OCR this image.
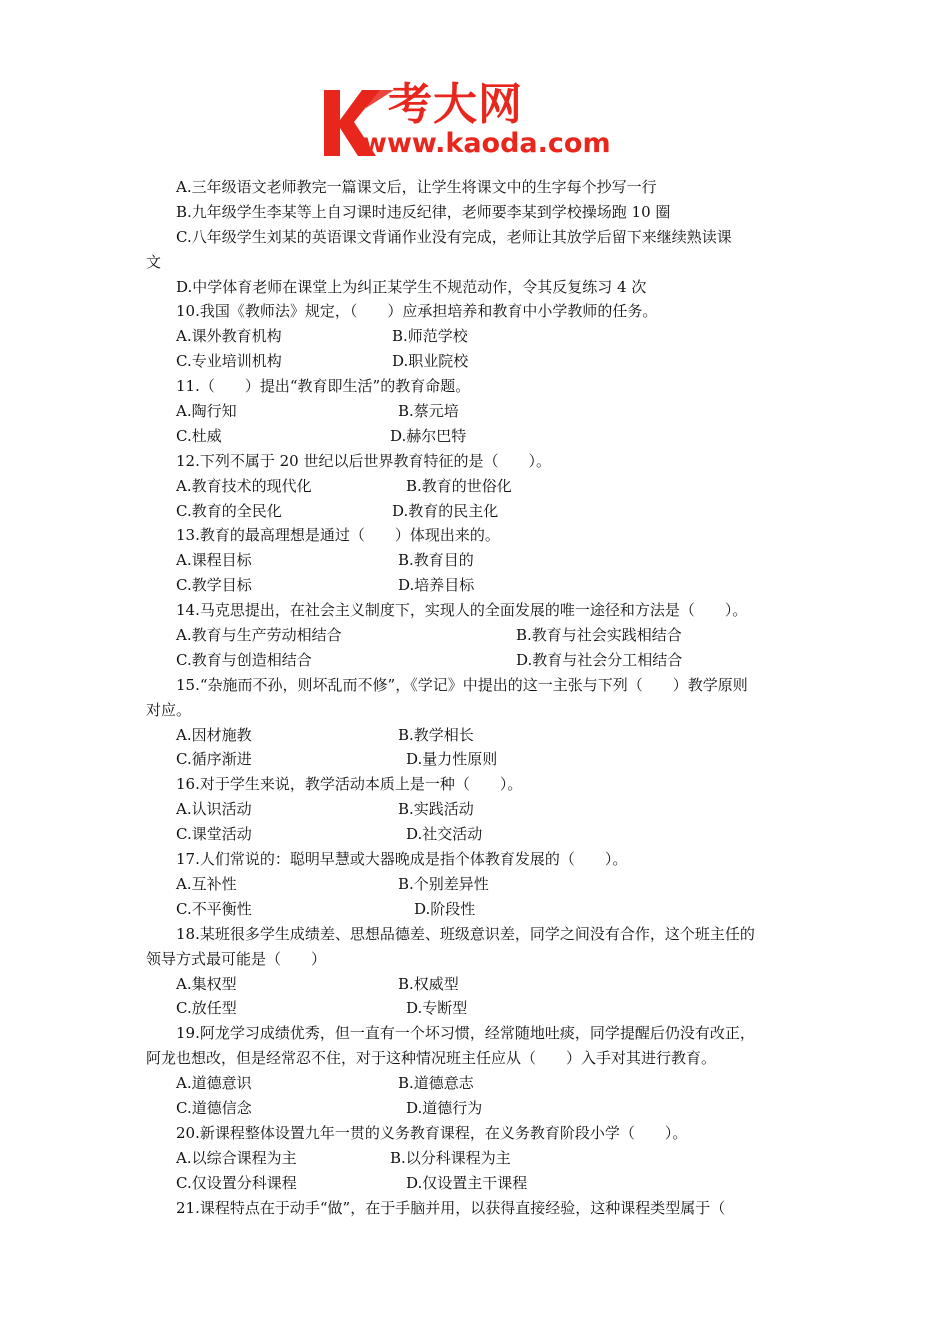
考大网
www.kaoda.com
A.三年级语文老师教完一篇课文后，让学生将课文中的生字每个抄写一行
B.九年级学生李某等上自习课时违反纪律，老师要李某到学校操场跑 10 圈
C.八年级学生刘某的英语课文背诵作业没有完成，老师让其放学后留下来继续熟读课
文
D.中学体育老师在课堂上为纠正某学生不规范动作，令其反复练习 4 次
10.我国《教师法》规定，（　　）应承担培养和教育中小学教师的任务。
A.课外教育机构	B.师范学校
C.专业培训机构	D.职业院校
11.（　　）提出“教育即生活”的教育命题。
A.陶行知	B.蔡元培
C.杜威	D.赫尔巴特
12.下列不属于 20 世纪以后世界教育特征的是（　　）。
A.教育技术的现代化	B.教育的世俗化
C.教育的全民化	D.教育的民主化
13.教育的最高理想是通过（　　）体现出来的。
A.课程目标	B.教育目的
C.教学目标	D.培养目标
14.马克思提出，在社会主义制度下，实现人的全面发展的唯一途径和方法是（　　）。
A.教育与生产劳动相结合	B.教育与社会实践相结合
C.教育与创造相结合	D.教育与社会分工相结合
15.“杂施而不孙，则坏乱而不修”，《学记》中提出的这一主张与下列（　　）教学原则
对应。
A.因材施教	B.教学相长
C.循序渐进	D.量力性原则
16.对于学生来说，教学活动本质上是一种（　　）。
A.认识活动	B.实践活动
C.课堂活动	D.社交活动
17.人们常说的：聪明早慧或大器晚成是指个体教育发展的（　　）。
A.互补性	B.个别差异性
C.不平衡性	D.阶段性
18.某班很多学生成绩差、思想品德差、班级意识差，同学之间没有合作，这个班主任的
领导方式最可能是（　　）
A.集权型	B.权威型
C.放任型	D.专断型
19.阿龙学习成绩优秀，但一直有一个坏习惯，经常随地吐痰，同学提醒后仍没有改正，
阿龙也想改，但是经常忍不住，对于这种情况班主任应从（　　）入手对其进行教育。
A.道德意识	B.道德意志
C.道德信念	D.道德行为
20.新课程整体设置九年一贯的义务教育课程，在义务教育阶段小学（　　）。
A.以综合课程为主	B.以分科课程为主
C.仅设置分科课程	D.仅设置主干课程
21.课程特点在于动手“做”，在于手脑并用，以获得直接经验，这种课程类型属于（
